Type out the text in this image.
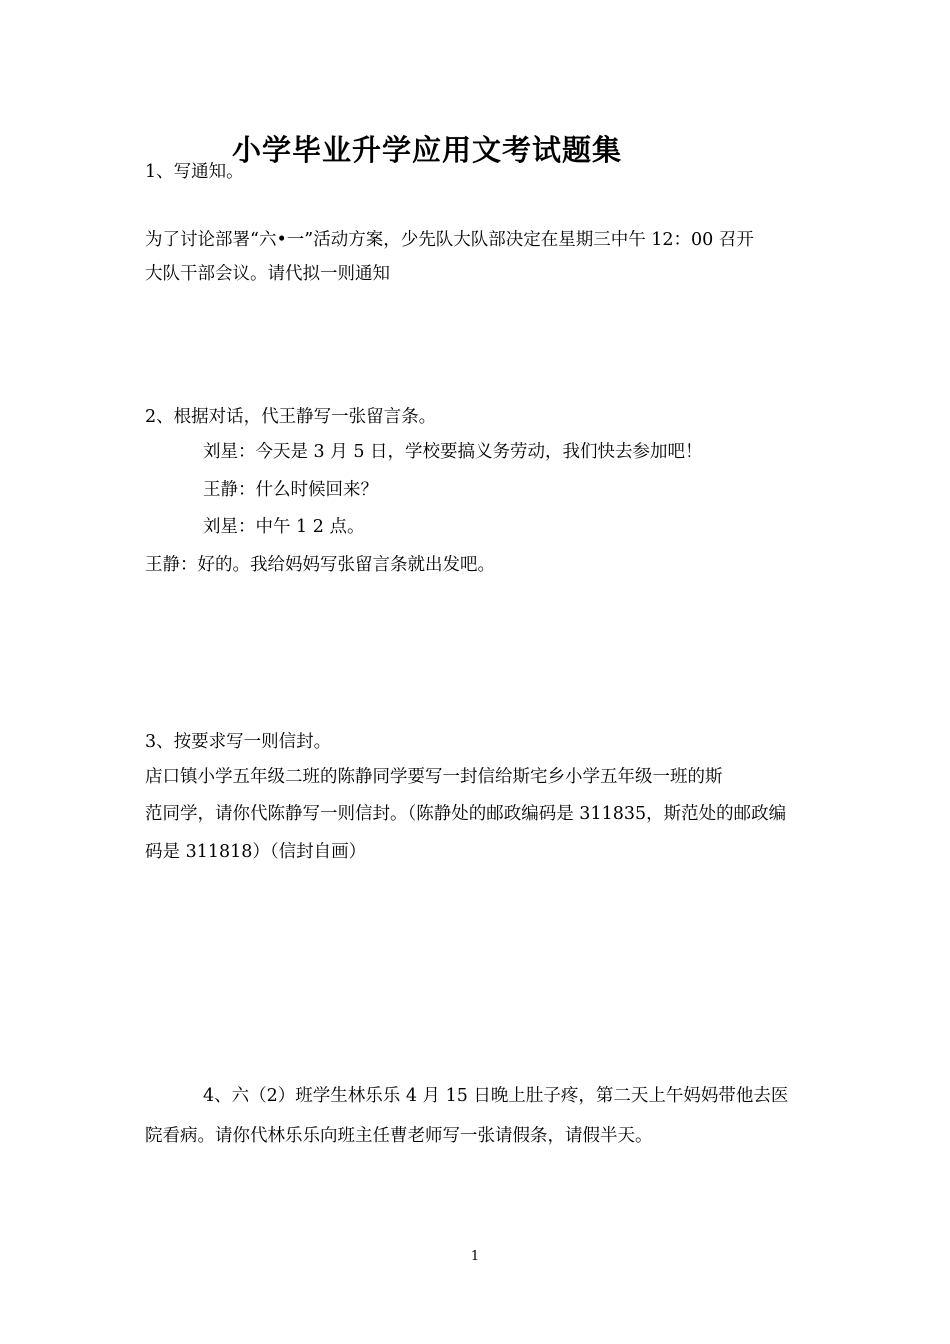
小学毕业升学应用文考试题集
1、写通知。
为了讨论部署“六•一”活动方案，少先队大队部决定在星期三中午 12：00 召开
大队干部会议。请代拟一则通知
2、根据对话，代王静写一张留言条。
刘星：今天是 3 月 5 日，学校要搞义务劳动，我们快去参加吧！
王静：什么时候回来？
刘星：中午 1 2 点。
王静：好的。我给妈妈写张留言条就出发吧。
3、按要求写一则信封。
店口镇小学五年级二班的陈静同学要写一封信给斯宅乡小学五年级一班的斯
范同学，请你代陈静写一则信封。（陈静处的邮政编码是 311835，斯范处的邮政编
码是 311818）（信封自画）
4、六（2）班学生林乐乐 4 月 15 日晚上肚子疼，第二天上午妈妈带他去医
院看病。请你代林乐乐向班主任曹老师写一张请假条，请假半天。
1
